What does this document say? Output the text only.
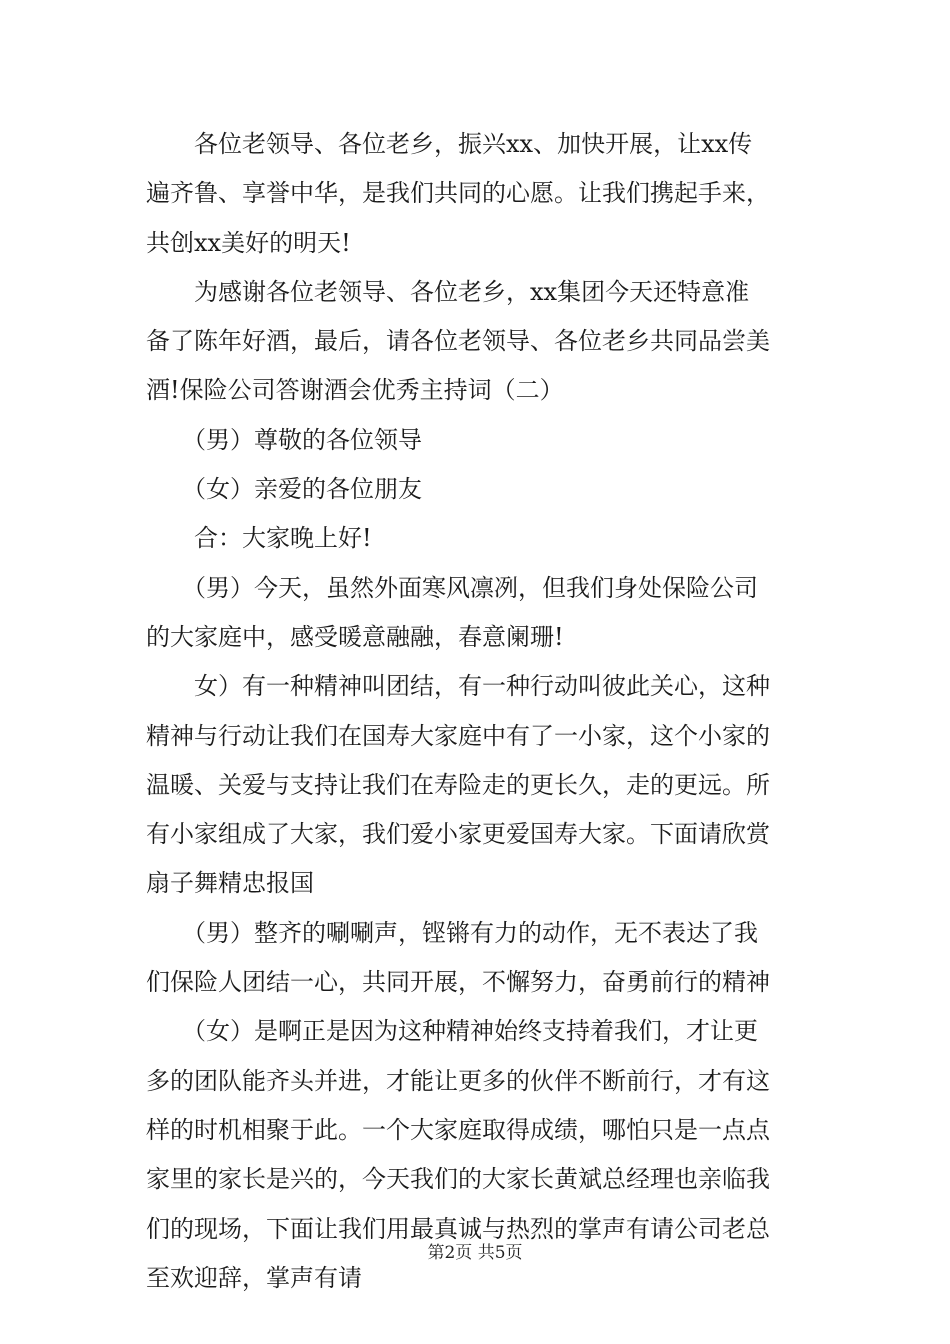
　　各位老领导、各位老乡，振兴xx、加快开展，让xx传
遍齐鲁、享誉中华，是我们共同的心愿。让我们携起手来，
共创xx美好的明天!
　　为感谢各位老领导、各位老乡，xx集团今天还特意准
备了陈年好酒，最后，请各位老领导、各位老乡共同品尝美
酒!保险公司答谢酒会优秀主持词（二）
　　（男）尊敬的各位领导
　　（女）亲爱的各位朋友
　　合：大家晚上好!
　　（男）今天，虽然外面寒风凛冽，但我们身处保险公司
的大家庭中，感受暖意融融，春意阑珊!
　　女）有一种精神叫团结，有一种行动叫彼此关心，这种
精神与行动让我们在国寿大家庭中有了一小家，这个小家的
温暖、关爱与支持让我们在寿险走的更长久，走的更远。所
有小家组成了大家，我们爱小家更爱国寿大家。下面请欣赏
扇子舞精忠报国
　　（男）整齐的唰唰声，铿锵有力的动作，无不表达了我
们保险人团结一心，共同开展，不懈努力，奋勇前行的精神
　　（女）是啊正是因为这种精神始终支持着我们，才让更
多的团队能齐头并进，才能让更多的伙伴不断前行，才有这
样的时机相聚于此。一个大家庭取得成绩，哪怕只是一点点
家里的家长是兴的，今天我们的大家长黄斌总经理也亲临我
们的现场，下面让我们用最真诚与热烈的掌声有请公司老总
至欢迎辞，掌声有请
第2页 共5页
